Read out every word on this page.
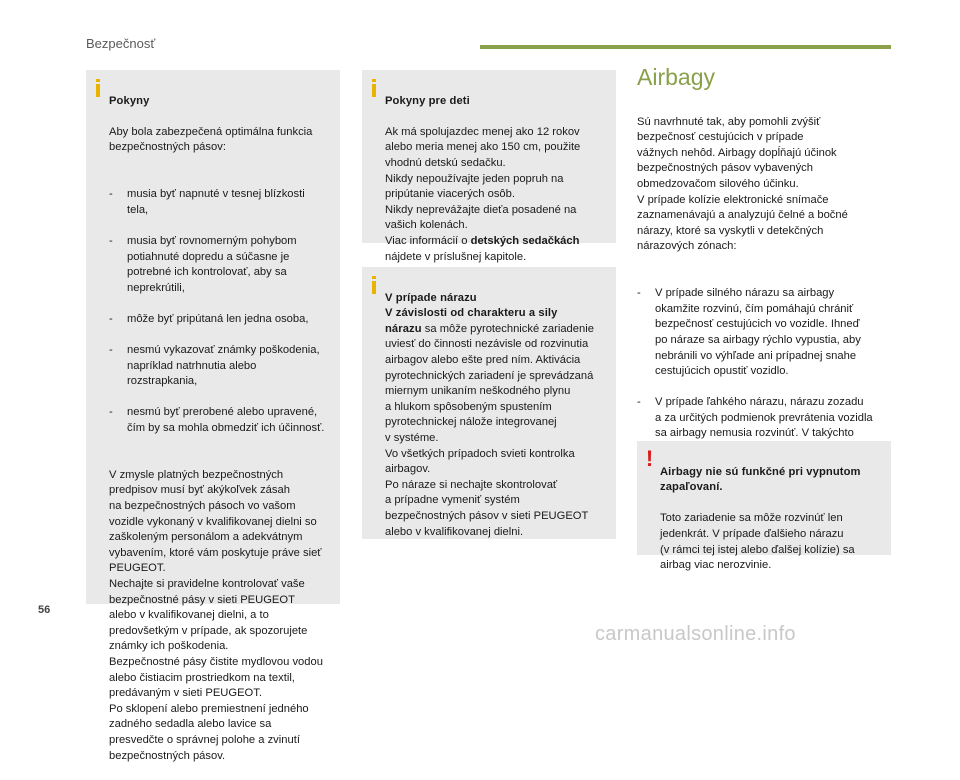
Bezpečnosť

Pokyny

Aby bola zabezpečená optimálna funkcia
bezpečnostných pásov:

- musia byť napnuté v tesnej blízkosti
tela,

- musia byť rovnomerným pohybom
potiahnuté dopredu a súčasne je
potrebné ich kontrolovať, aby sa
neprekrútili,

- môže byť pripútaná len jedna osoba,

- nesmú vykazovať známky poškodenia,
napríklad natrhnutia alebo
rozstrapkania,

- nesmú byť prerobené alebo upravené,
čím by sa mohla obmedziť ich účinnosť.

V zmysle platných bezpečnostných
predpisov musí byť akýkoľvek zásah
na bezpečnostných pásoch vo vašom
vozidle vykonaný v kvalifikovanej dielni so
zaškoleným personálom a adekvátnym
vybavením, ktoré vám poskytuje práve sieť
PEUGEOT.
Nechajte si pravidelne kontrolovať vaše
bezpečnostné pásy v sieti PEUGEOT
alebo v kvalifikovanej dielni, a to
predovšetkým v prípade, ak spozorujete
známky ich poškodenia.
Bezpečnostné pásy čistite mydlovou vodou
alebo čistiacim prostriedkom na textil,
predávaným v sieti PEUGEOT.
Po sklopení alebo premiestnení jedného
zadného sedadla alebo lavice sa
presvedčte o správnej polohe a zvinutí
bezpečnostných pásov.

Pokyny pre deti

Ak má spolujazdec menej ako 12 rokov
alebo meria menej ako 150 cm, použite
vhodnú detskú sedačku.
Nikdy nepoužívajte jeden popruh na
pripútanie viacerých osôb.
Nikdy neprevážajte dieťa posadené na
vašich kolenách.
Viac informácií o detských sedačkách
nájdete v príslušnej kapitole.

V prípade nárazu
V závislosti od charakteru a sily
nárazu sa môže pyrotechnické zariadenie
uviesť do činnosti nezávisle od rozvinutia
airbagov alebo ešte pred ním. Aktivácia
pyrotechnických zariadení je sprevádzaná
miernym unikaním neškodného plynu
a hlukom spôsobeným spustením
pyrotechnickej nálože integrovanej
v systéme.
Vo všetkých prípadoch svieti kontrolka
airbagov.
Po náraze si nechajte skontrolovať
a prípadne vymeniť systém
bezpečnostných pásov v sieti PEUGEOT
alebo v kvalifikovanej dielni.

Airbagy

Sú navrhnuté tak, aby pomohli zvýšiť
bezpečnosť cestujúcich v prípade
vážnych nehôd. Airbagy dopĺňajú účinok
bezpečnostných pásov vybavených
obmedzovačom silového účinku.
V prípade kolízie elektronické snímače
zaznamenávajú a analyzujú čelné a bočné
nárazy, ktoré sa vyskytli v detekčných
nárazových zónach:

- V prípade silného nárazu sa airbagy
okamžite rozvinú, čím pomáhajú chrániť
bezpečnosť cestujúcich vo vozidle. Ihneď
po náraze sa airbagy rýchlo vypustia, aby
nebránili vo výhľade ani prípadnej snahe
cestujúcich opustiť vozidlo.

- V prípade ľahkého nárazu, nárazu zozadu
a za určitých podmienok prevrátenia vozidla
sa airbagy nemusia rozvinúť. V takýchto

!

Airbagy nie sú funkčné pri vypnutom
zapaľovaní.

Toto zariadenie sa môže rozvinúť len
jedenkrát. V prípade ďalšieho nárazu
(v rámci tej istej alebo ďalšej kolízie) sa
airbag viac nerozvinie.

56
carmanualsonline.info
